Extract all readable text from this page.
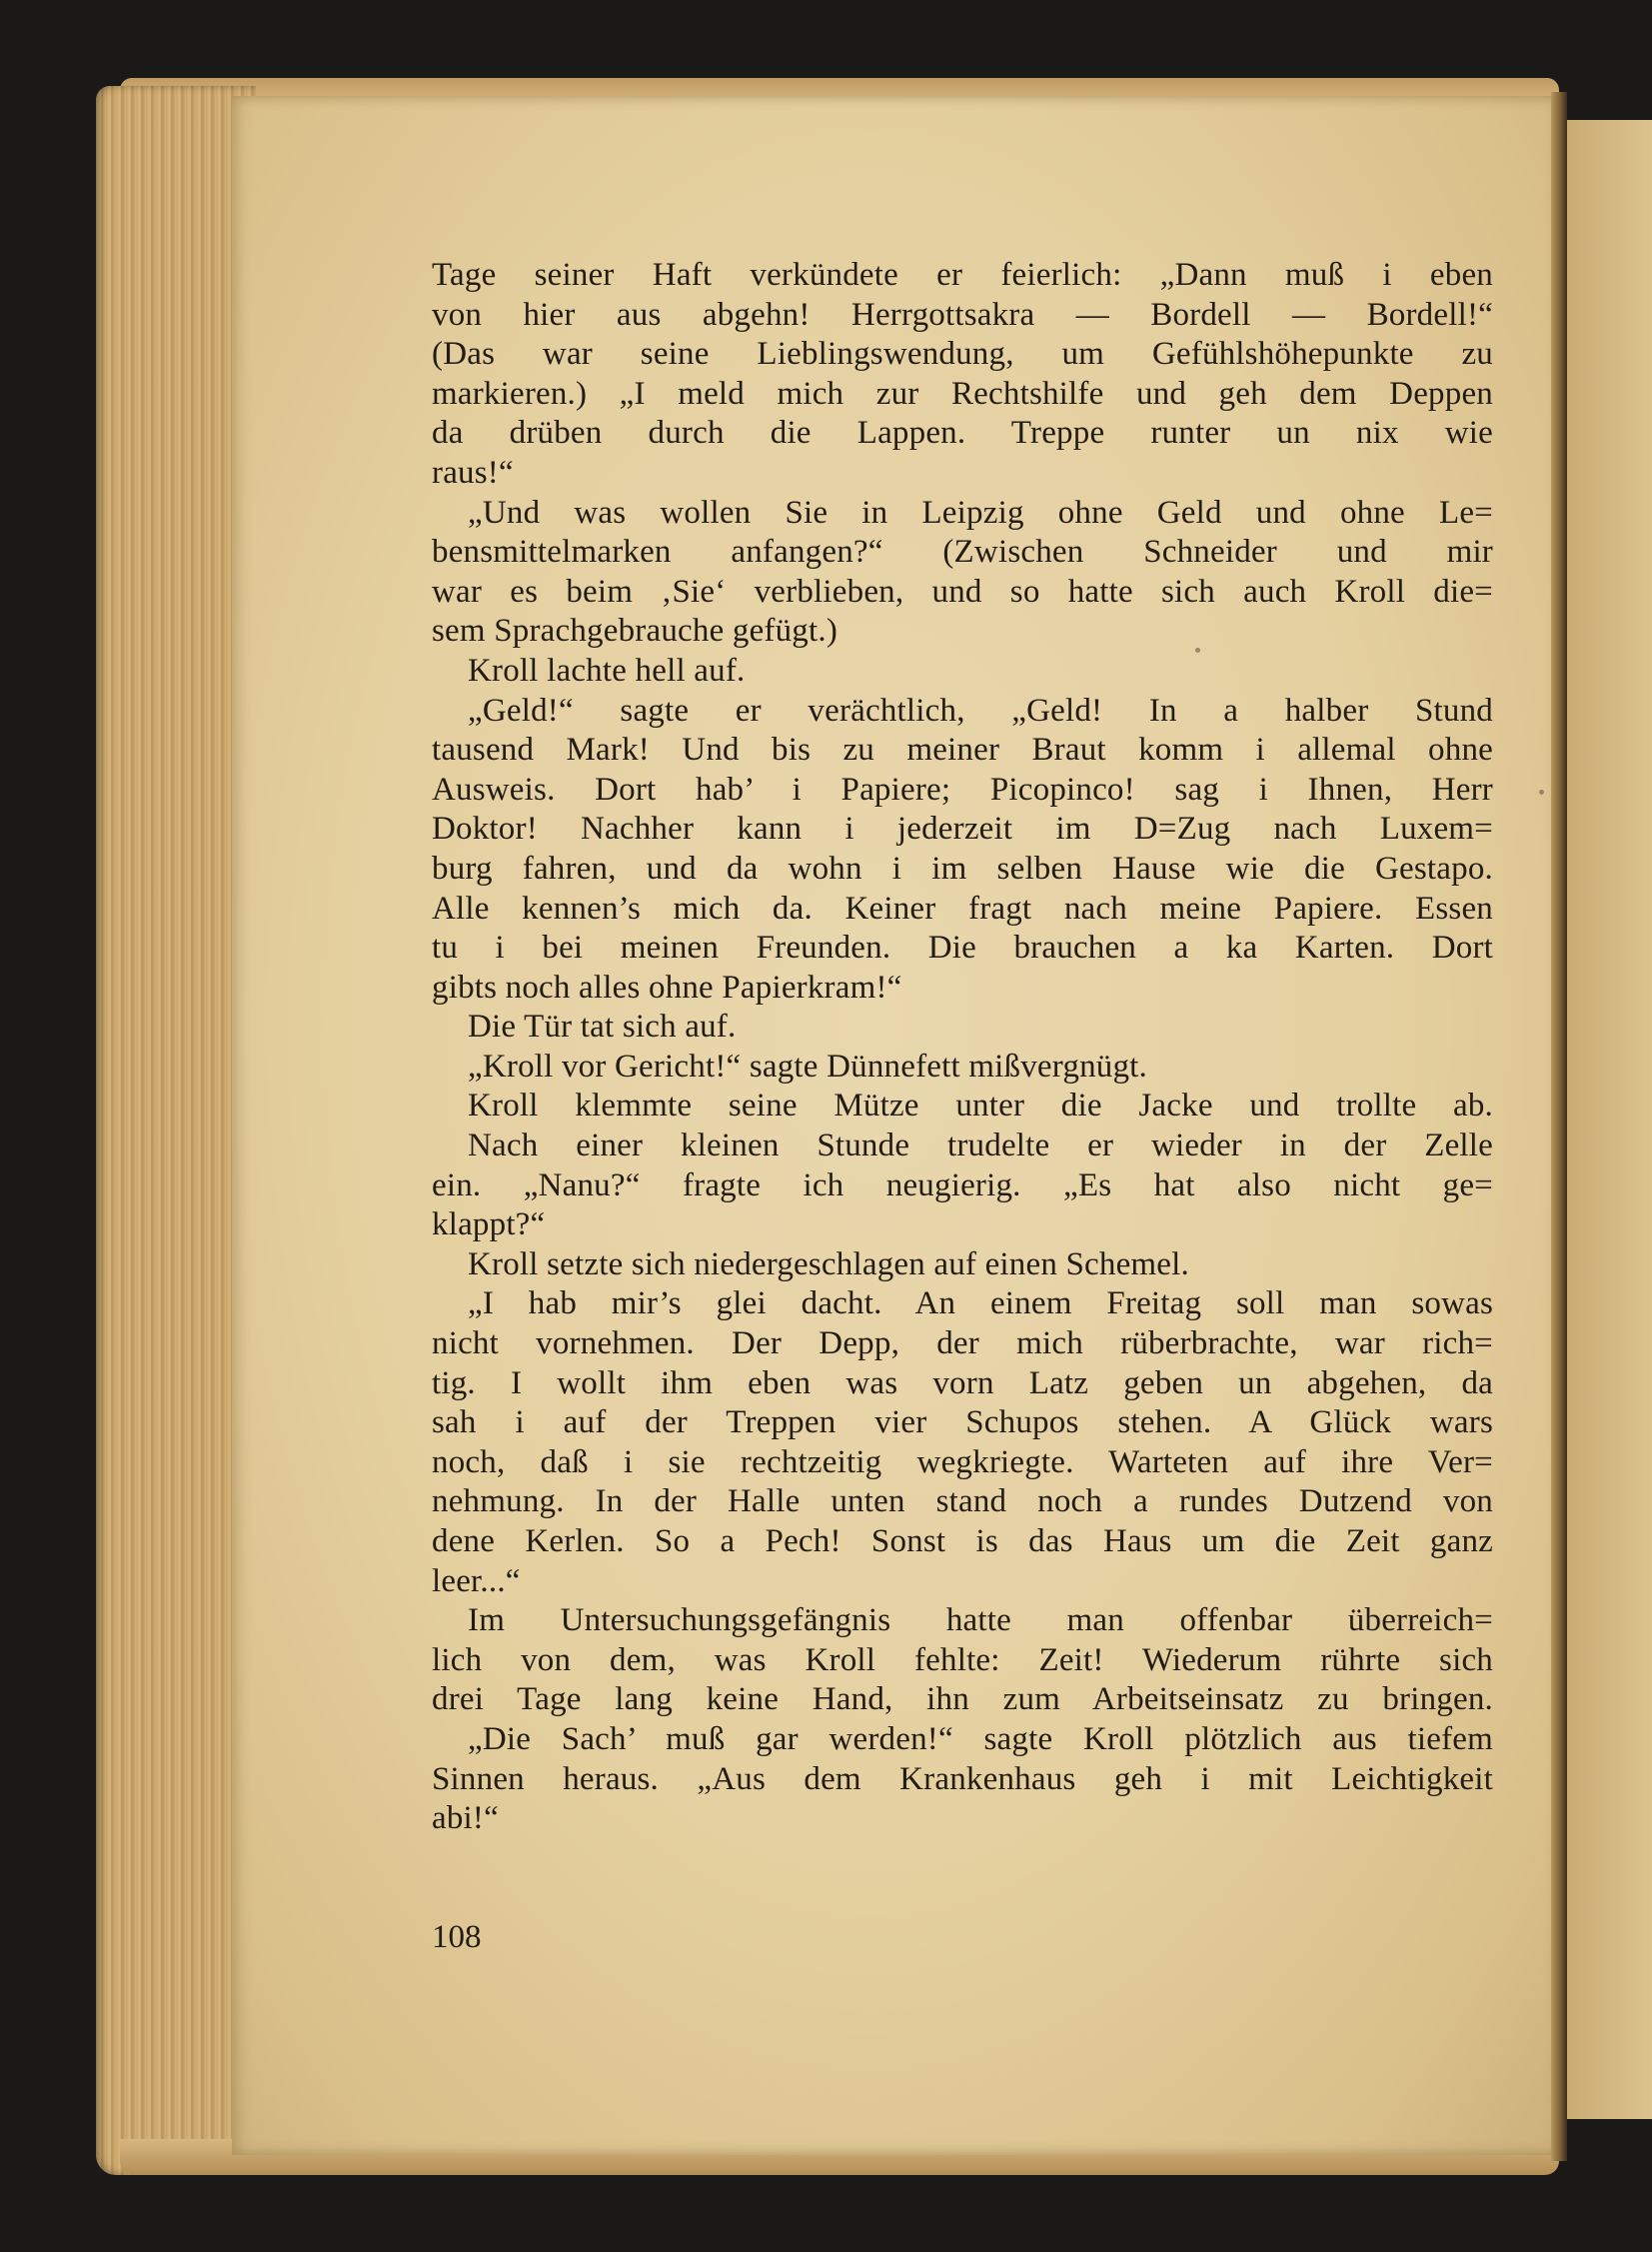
Tage seiner Haft verkündete er feierlich: „Dann muß i eben
von hier aus abgehn! Herrgottsakra — Bordell — Bordell!“
(Das war seine Lieblingswendung, um Gefühlshöhepunkte zu
markieren.) „I meld mich zur Rechtshilfe und geh dem Deppen
da drüben durch die Lappen. Treppe runter un nix wie
raus!“
„Und was wollen Sie in Leipzig ohne Geld und ohne Le=
bensmittelmarken anfangen?“ (Zwischen Schneider und mir
war es beim ‚Sie‘ verblieben, und so hatte sich auch Kroll die=
sem Sprachgebrauche gefügt.)
Kroll lachte hell auf.
„Geld!“ sagte er verächtlich, „Geld! In a halber Stund
tausend Mark! Und bis zu meiner Braut komm i allemal ohne
Ausweis. Dort hab’ i Papiere; Picopinco! sag i Ihnen, Herr
Doktor! Nachher kann i jederzeit im D=Zug nach Luxem=
burg fahren, und da wohn i im selben Hause wie die Gestapo.
Alle kennen’s mich da. Keiner fragt nach meine Papiere. Essen
tu i bei meinen Freunden. Die brauchen a ka Karten. Dort
gibts noch alles ohne Papierkram!“
Die Tür tat sich auf.
„Kroll vor Gericht!“ sagte Dünnefett mißvergnügt.
Kroll klemmte seine Mütze unter die Jacke und trollte ab.
Nach einer kleinen Stunde trudelte er wieder in der Zelle
ein. „Nanu?“ fragte ich neugierig. „Es hat also nicht ge=
klappt?“
Kroll setzte sich niedergeschlagen auf einen Schemel.
„I hab mir’s glei dacht. An einem Freitag soll man sowas
nicht vornehmen. Der Depp, der mich rüberbrachte, war rich=
tig. I wollt ihm eben was vorn Latz geben un abgehen, da
sah i auf der Treppen vier Schupos stehen. A Glück wars
noch, daß i sie rechtzeitig wegkriegte. Warteten auf ihre Ver=
nehmung. In der Halle unten stand noch a rundes Dutzend von
dene Kerlen. So a Pech! Sonst is das Haus um die Zeit ganz
leer...“
Im Untersuchungsgefängnis hatte man offenbar überreich=
lich von dem, was Kroll fehlte: Zeit! Wiederum rührte sich
drei Tage lang keine Hand, ihn zum Arbeitseinsatz zu bringen.
„Die Sach’ muß gar werden!“ sagte Kroll plötzlich aus tiefem
Sinnen heraus. „Aus dem Krankenhaus geh i mit Leichtigkeit
abi!“
108
